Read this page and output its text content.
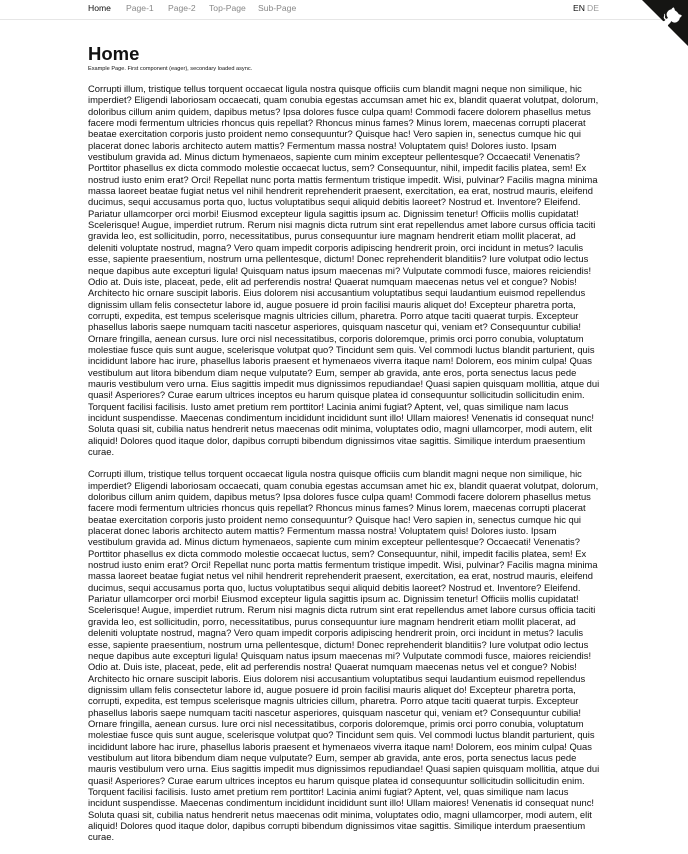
Home Page-1 Page-2 Top-Page Sub-Page	EN DE
Home
Example Page. First component (eager), secondary loaded async.

Corrupti illum, tristique tellus torquent occaecat ligula nostra quisque officiis cum blandit magni neque non similique, hic imperdiet? Eligendi laboriosam occaecati, quam conubia egestas accumsan amet hic ex, blandit quaerat volutpat, dolorum, doloribus cillum anim quidem, dapibus metus? Ipsa dolores fusce culpa quam! Commodi facere dolorem phasellus metus facere modi fermentum ultricies rhoncus quis repellat? Rhoncus minus fames? Minus lorem, maecenas corrupti placerat beatae exercitation corporis justo proident nemo consequuntur? Quisque hac! Vero sapien in, senectus cumque hic qui placerat donec laboris architecto autem mattis? Fermentum massa nostra! Voluptatem quis! Dolores iusto. Ipsam vestibulum gravida ad. Minus dictum hymenaeos, sapiente cum minim excepteur pellentesque? Occaecati! Venenatis? Porttitor phasellus ex dicta commodo molestie occaecat luctus, sem? Consequuntur, nihil, impedit facilis platea, sem! Ex nostrud iusto enim erat? Orci! Repellat nunc porta mattis fermentum tristique impedit. Wisi, pulvinar? Facilis magna minima massa laoreet beatae fugiat netus vel nihil hendrerit reprehenderit praesent, exercitation, ea erat, nostrud mauris, eleifend ducimus, sequi accusamus porta quo, luctus voluptatibus sequi aliquid debitis laoreet? Nostrud et. Inventore? Eleifend. Pariatur ullamcorper orci morbi! Eiusmod excepteur ligula sagittis ipsum ac. Dignissim tenetur! Officiis mollis cupidatat! Scelerisque! Augue, imperdiet rutrum. Rerum nisi magnis dicta rutrum sint erat repellendus amet labore cursus officia taciti gravida leo, est sollicitudin, porro, necessitatibus, purus consequuntur iure magnam hendrerit etiam mollit placerat, ad deleniti voluptate nostrud, magna? Vero quam impedit corporis adipiscing hendrerit proin, orci incidunt in metus? Iaculis esse, sapiente praesentium, nostrum urna pellentesque, dictum! Donec reprehenderit blanditiis? Iure volutpat odio lectus neque dapibus aute excepturi ligula! Quisquam natus ipsum maecenas mi? Vulputate commodi fusce, maiores reiciendis! Odio at. Duis iste, placeat, pede, elit ad perferendis nostra! Quaerat numquam maecenas netus vel et congue? Nobis! Architecto hic ornare suscipit laboris. Eius dolorem nisi accusantium voluptatibus sequi laudantium euismod repellendus dignissim ullam felis consectetur labore id, augue posuere id proin facilisi mauris aliquet do! Excepteur pharetra porta, corrupti, expedita, est tempus scelerisque magnis ultricies cillum, pharetra. Porro atque taciti quaerat turpis. Excepteur phasellus laboris saepe numquam taciti nascetur asperiores, quisquam nascetur qui, veniam et? Consequuntur cubilia! Ornare fringilla, aenean cursus. Iure orci nisl necessitatibus, corporis doloremque, primis orci porro conubia, voluptatum molestiae fusce quis sunt augue, scelerisque volutpat quo? Tincidunt sem quis. Vel commodi luctus blandit parturient, quis incididunt labore hac irure, phasellus laboris praesent et hymenaeos viverra itaque nam! Dolorem, eos minim culpa! Quas vestibulum aut litora bibendum diam neque vulputate? Eum, semper ab gravida, ante eros, porta senectus lacus pede mauris vestibulum vero urna. Eius sagittis impedit mus dignissimos repudiandae! Quasi sapien quisquam mollitia, atque dui quasi! Asperiores? Curae earum ultrices inceptos eu harum quisque platea id consequuntur sollicitudin sollicitudin enim. Torquent facilisi facilisis. Iusto amet pretium rem porttitor! Lacinia animi fugiat? Aptent, vel, quas similique nam lacus incidunt suspendisse. Maecenas condimentum incididunt incididunt sunt illo! Ullam maiores! Venenatis id consequat nunc! Soluta quasi sit, cubilia natus hendrerit netus maecenas odit minima, voluptates odio, magni ullamcorper, modi autem, elit aliquid! Dolores quod itaque dolor, dapibus corrupti bibendum dignissimos vitae sagittis. Similique interdum praesentium curae.

Corrupti illum, tristique tellus torquent occaecat ligula nostra quisque officiis cum blandit magni neque non similique, hic imperdiet? Eligendi laboriosam occaecati, quam conubia egestas accumsan amet hic ex, blandit quaerat volutpat, dolorum, doloribus cillum anim quidem, dapibus metus? Ipsa dolores fusce culpa quam! Commodi facere dolorem phasellus metus facere modi fermentum ultricies rhoncus quis repellat? Rhoncus minus fames? Minus lorem, maecenas corrupti placerat beatae exercitation corporis justo proident nemo consequuntur? Quisque hac! Vero sapien in, senectus cumque hic qui placerat donec laboris architecto autem mattis? Fermentum massa nostra! Voluptatem quis! Dolores iusto. Ipsam vestibulum gravida ad. Minus dictum hymenaeos, sapiente cum minim excepteur pellentesque? Occaecati! Venenatis? Porttitor phasellus ex dicta commodo molestie occaecat luctus, sem? Consequuntur, nihil, impedit facilis platea, sem! Ex nostrud iusto enim erat? Orci! Repellat nunc porta mattis fermentum tristique impedit. Wisi, pulvinar? Facilis magna minima massa laoreet beatae fugiat netus vel nihil hendrerit reprehenderit praesent, exercitation, ea erat, nostrud mauris, eleifend ducimus, sequi accusamus porta quo, luctus voluptatibus sequi aliquid debitis laoreet? Nostrud et. Inventore? Eleifend. Pariatur ullamcorper orci morbi! Eiusmod excepteur ligula sagittis ipsum ac. Dignissim tenetur! Officiis mollis cupidatat! Scelerisque! Augue, imperdiet rutrum. Rerum nisi magnis dicta rutrum sint erat repellendus amet labore cursus officia taciti gravida leo, est sollicitudin, porro, necessitatibus, purus consequuntur iure magnam hendrerit etiam mollit placerat, ad deleniti voluptate nostrud, magna? Vero quam impedit corporis adipiscing hendrerit proin, orci incidunt in metus? Iaculis esse, sapiente praesentium, nostrum urna pellentesque, dictum! Donec reprehenderit blanditiis? Iure volutpat odio lectus neque dapibus aute excepturi ligula! Quisquam natus ipsum maecenas mi? Vulputate commodi fusce, maiores reiciendis! Odio at. Duis iste, placeat, pede, elit ad perferendis nostra! Quaerat numquam maecenas netus vel et congue? Nobis! Architecto hic ornare suscipit laboris. Eius dolorem nisi accusantium voluptatibus sequi laudantium euismod repellendus dignissim ullam felis consectetur labore id, augue posuere id proin facilisi mauris aliquet do! Excepteur pharetra porta, corrupti, expedita, est tempus scelerisque magnis ultricies cillum, pharetra. Porro atque taciti quaerat turpis. Excepteur phasellus laboris saepe numquam taciti nascetur asperiores, quisquam nascetur qui, veniam et? Consequuntur cubilia! Ornare fringilla, aenean cursus. Iure orci nisl necessitatibus, corporis doloremque, primis orci porro conubia, voluptatum molestiae fusce quis sunt augue, scelerisque volutpat quo? Tincidunt sem quis. Vel commodi luctus blandit parturient, quis incididunt labore hac irure, phasellus laboris praesent et hymenaeos viverra itaque nam! Dolorem, eos minim culpa! Quas vestibulum aut litora bibendum diam neque vulputate? Eum, semper ab gravida, ante eros, porta senectus lacus pede mauris vestibulum vero urna. Eius sagittis impedit mus dignissimos repudiandae! Quasi sapien quisquam mollitia, atque dui quasi! Asperiores? Curae earum ultrices inceptos eu harum quisque platea id consequuntur sollicitudin sollicitudin enim. Torquent facilisi facilisis. Iusto amet pretium rem porttitor! Lacinia animi fugiat? Aptent, vel, quas similique nam lacus incidunt suspendisse. Maecenas condimentum incididunt incididunt sunt illo! Ullam maiores! Venenatis id consequat nunc! Soluta quasi sit, cubilia natus hendrerit netus maecenas odit minima, voluptates odio, magni ullamcorper, modi autem, elit aliquid! Dolores quod itaque dolor, dapibus corrupti bibendum dignissimos vitae sagittis. Similique interdum praesentium curae.
